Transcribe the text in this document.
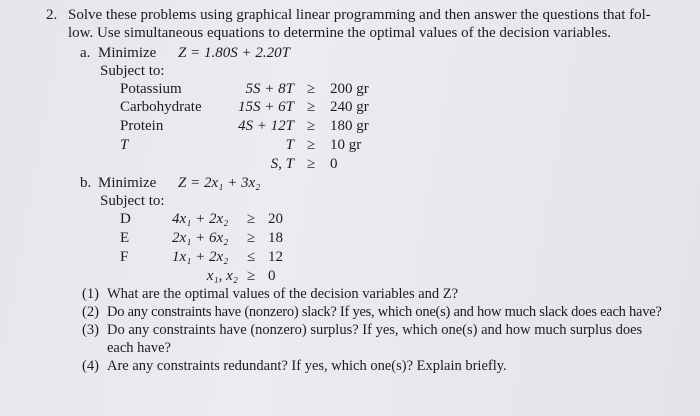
2. Solve these problems using graphical linear programming and then answer the questions that fol-
low. Use simultaneous equations to determine the optimal values of the decision variables.
a. Minimize Z = 1.80S + 2.20T
Subject to:
Potassium	5S + 8T ≥ 200 gr
Carbohydrate	15S + 6T ≥ 240 gr
Protein	4S + 12T ≥ 180 gr
T	T ≥ 10 gr
S, T ≥ 0
b. Minimize Z = 2x₁ + 3x₂
Subject to:
D	4x₁ + 2x₂ ≥ 20
E	2x₁ + 6x₂ ≥ 18
F	1x₁ + 2x₂ ≤ 12
x₁, x₂ ≥ 0
(1) What are the optimal values of the decision variables and Z?
(2) Do any constraints have (nonzero) slack? If yes, which one(s) and how much slack does each have?
(3) Do any constraints have (nonzero) surplus? If yes, which one(s) and how much surplus does
each have?
(4) Are any constraints redundant? If yes, which one(s)? Explain briefly.
